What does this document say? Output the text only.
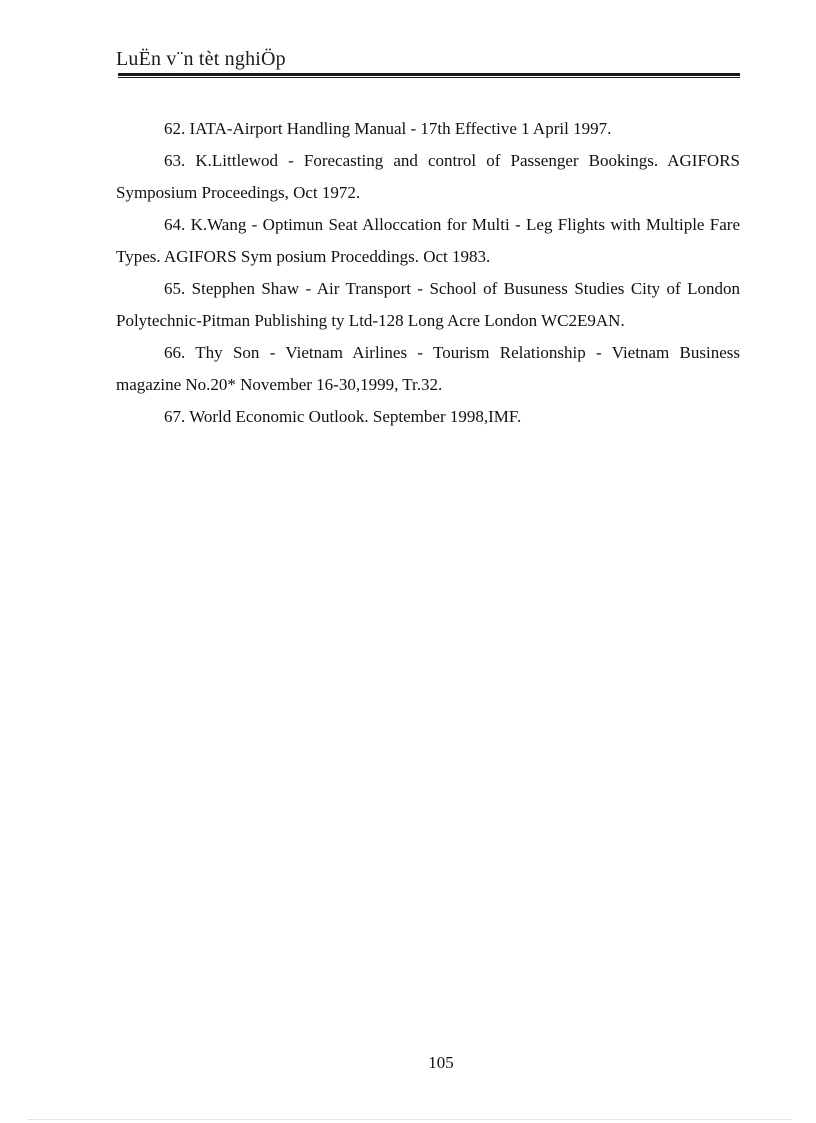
LuËn v¨n tèt nghiÖp

62. IATA-Airport Handling Manual - 17th Effective 1 April 1997.

63. K.Littlewod - Forecasting and control of Passenger Bookings. AGIFORS Symposium Proceedings, Oct 1972.

64. K.Wang - Optimun Seat Alloccation for Multi - Leg Flights with Multiple Fare Types. AGIFORS Sym posium Proceddings. Oct 1983.

65. Stepphen Shaw - Air Transport - School of Busuness Studies City of London Polytechnic-Pitman Publishing ty Ltd-128 Long Acre London WC2E9AN.

66. Thy Son - Vietnam Airlines - Tourism Relationship - Vietnam Business magazine No.20* November 16-30,1999, Tr.32.

67. World Economic Outlook. September 1998,IMF.

105
